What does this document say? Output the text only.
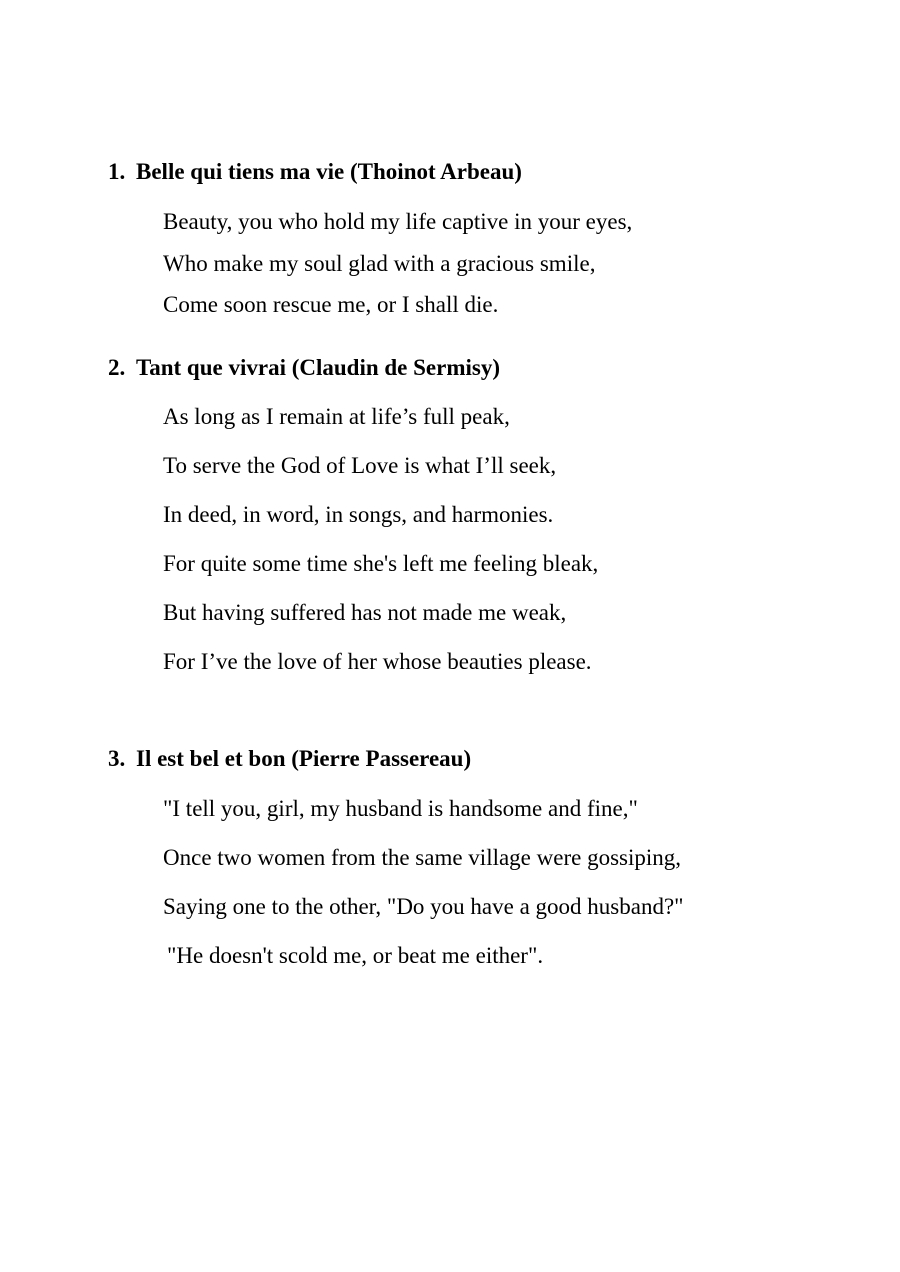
1. Belle qui tiens ma vie (Thoinot Arbeau)

Beauty, you who hold my life captive in your eyes,

Who make my soul glad with a gracious smile,

Come soon rescue me, or I shall die.

2. Tant que vivrai (Claudin de Sermisy)

As long as I remain at life’s full peak,

To serve the God of Love is what I’ll seek,

In deed, in word, in songs, and harmonies.

For quite some time she's left me feeling bleak,

But having suffered has not made me weak,

For I’ve the love of her whose beauties please.

3. Il est bel et bon (Pierre Passereau)

"I tell you, girl, my husband is handsome and fine,"

Once two women from the same village were gossiping,

Saying one to the other, "Do you have a good husband?"

"He doesn't scold me, or beat me either".
